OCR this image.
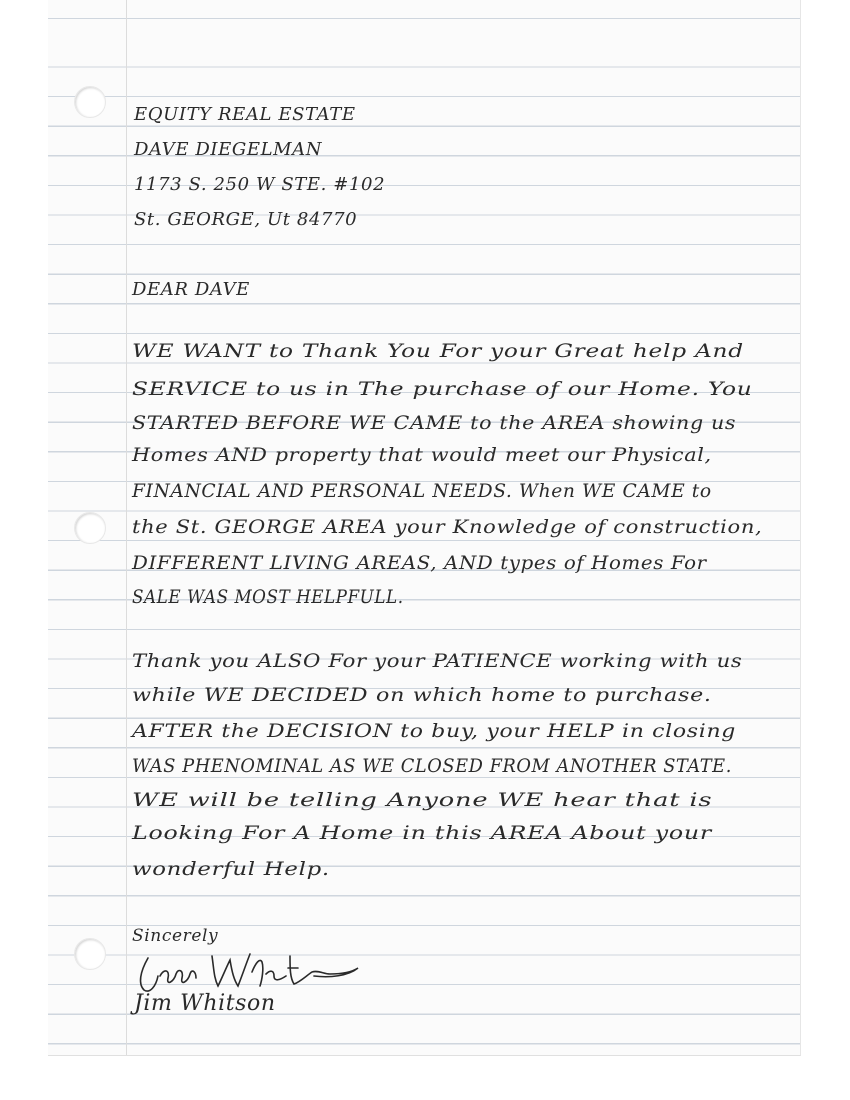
EQUITY REAL ESTATE
DAVE DIEGELMAN
1173 S. 250 W STE. #102
St. GEORGE, Ut 84770
DEAR DAVE
WE WANT to Thank You For your Great help And
SERVICE to us in The purchase of our Home. You
STARTED BEFORE WE CAME to the AREA showing us
Homes AND property that would meet our Physical,
FINANCIAL AND PERSONAL NEEDS. When WE CAME to
the St. GEORGE AREA your Knowledge of construction,
DIFFERENT LIVING AREAS, AND types of Homes For
SALE WAS MOST HELPFULL.
Thank you ALSO For your PATIENCE working with us
while WE DECIDED on which home to purchase.
AFTER the DECISION to buy, your HELP in closing
WAS PHENOMINAL AS WE CLOSED FROM ANOTHER STATE.
WE will be telling Anyone WE hear that is
Looking For A Home in this AREA About your
wonderful Help.
Sincerely
Jim Whitson
